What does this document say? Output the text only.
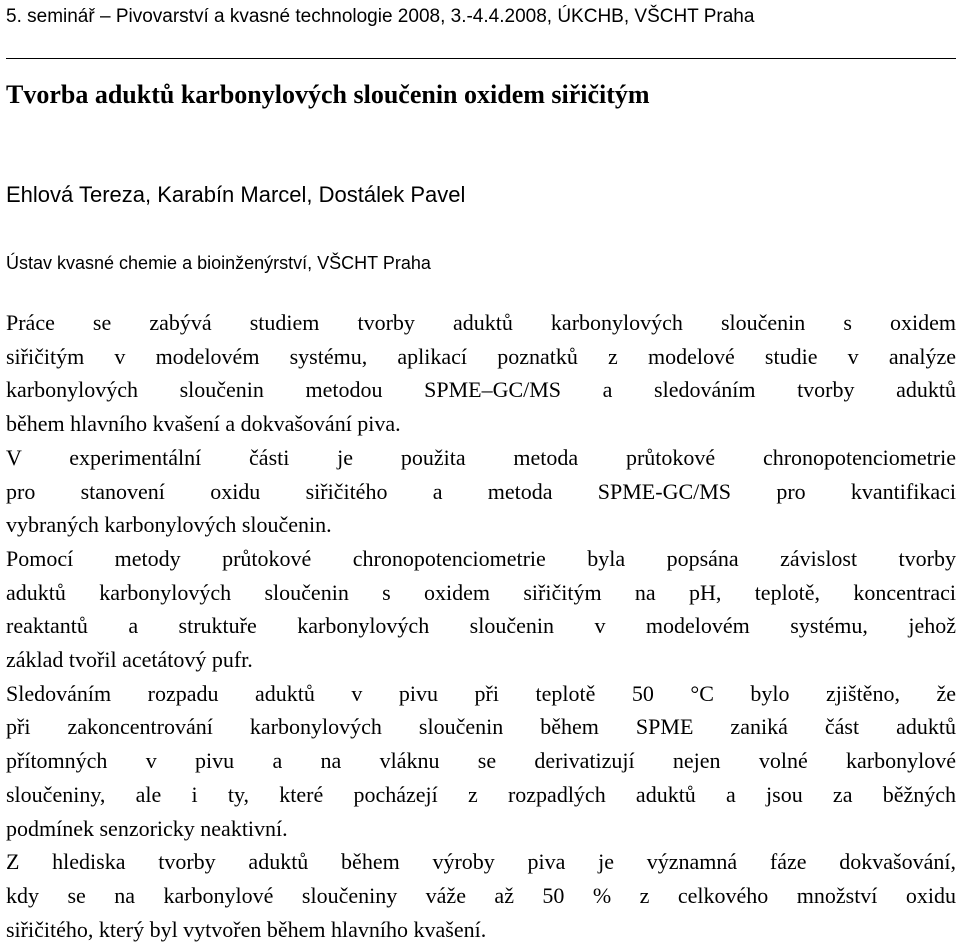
5. seminář – Pivovarství a kvasné technologie 2008, 3.-4.4.2008, ÚKCHB, VŠCHT Praha
Tvorba aduktů karbonylových sloučenin oxidem siřičitým
Ehlová Tereza, Karabín Marcel, Dostálek Pavel
Ústav kvasné chemie a bioinženýrství, VŠCHT Praha

Práce se zabývá studiem tvorby aduktů karbonylových sloučenin s oxidem
siřičitým v modelovém systému, aplikací poznatků z modelové studie v analýze
karbonylových sloučenin metodou SPME–GC/MS a sledováním tvorby aduktů
během hlavního kvašení a dokvašování piva.

V experimentální části je použita metoda průtokové chronopotenciometrie
pro stanovení oxidu siřičitého a metoda SPME-GC/MS pro kvantifikaci
vybraných karbonylových sloučenin.

Pomocí metody průtokové chronopotenciometrie byla popsána závislost tvorby
aduktů karbonylových sloučenin s oxidem siřičitým na pH, teplotě, koncentraci
reaktantů a struktuře karbonylových sloučenin v modelovém systému, jehož
základ tvořil acetátový pufr.

Sledováním rozpadu aduktů v pivu při teplotě 50 °C bylo zjištěno, že
při zakoncentrování karbonylových sloučenin během SPME zaniká část aduktů
přítomných v pivu a na vláknu se derivatizují nejen volné karbonylové
sloučeniny, ale i ty, které pocházejí z rozpadlých aduktů a jsou za běžných
podmínek senzoricky neaktivní.

Z hlediska tvorby aduktů během výroby piva je významná fáze dokvašování,
kdy se na karbonylové sloučeniny váže až 50 % z celkového množství oxidu
siřičitého, který byl vytvořen během hlavního kvašení.
